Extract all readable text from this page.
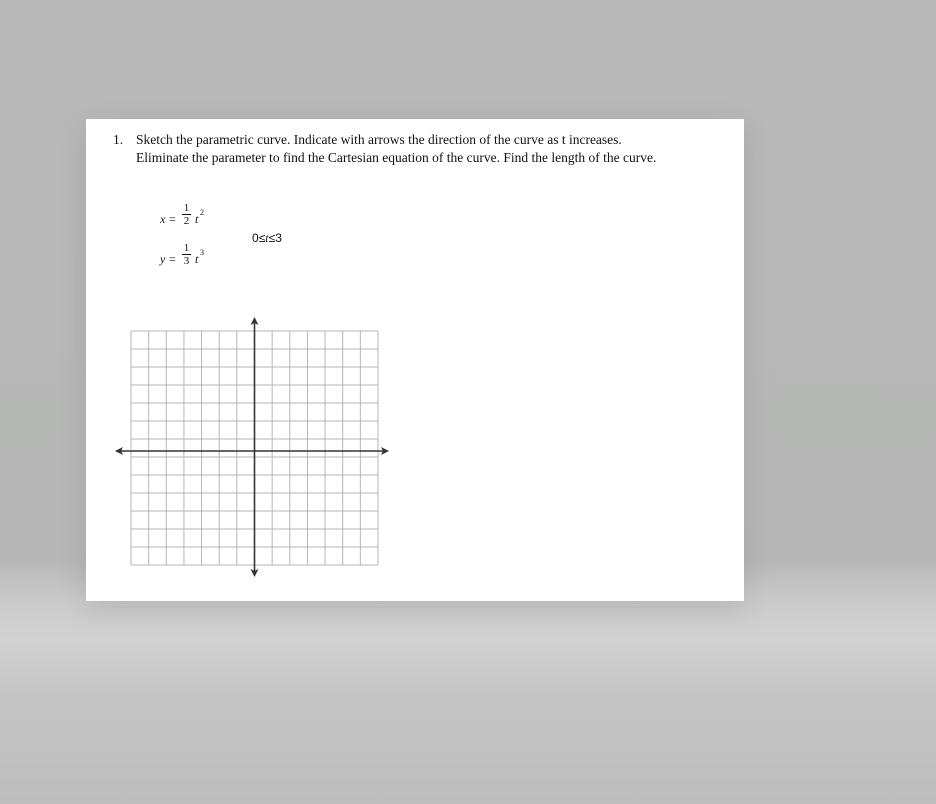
1. Sketch the parametric curve. Indicate with arrows the direction of the curve as t increases.
Eliminate the parameter to find the Cartesian equation of the curve. Find the length of the curve.
x =
1
2 t 2
y =
1
3 t 3
0≤t≤3
